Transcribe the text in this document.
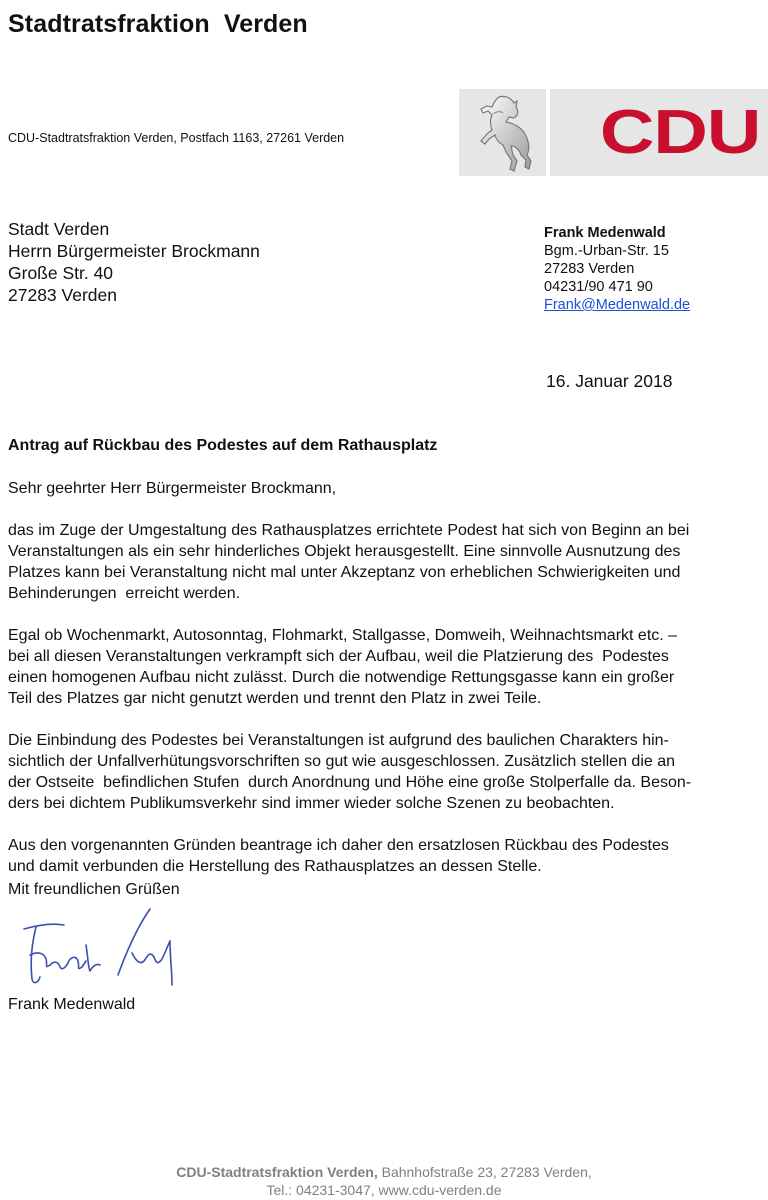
Stadtratsfraktion  Verden
CDU-Stadtratsfraktion Verden, Postfach 1163, 27261 Verden	CDU
Stadt Verden
Herrn Bürgermeister Brockmann
Große Str. 40
27283 Verden
Frank Medenwald
Bgm.-Urban-Str. 15
27283 Verden
04231/90 471 90
Frank@Medenwald.de
16. Januar 2018
Antrag auf Rückbau des Podestes auf dem Rathausplatz

Sehr geehrter Herr Bürgermeister Brockmann,

das im Zuge der Umgestaltung des Rathausplatzes errichtete Podest hat sich von Beginn an bei

Veranstaltungen als ein sehr hinderliches Objekt herausgestellt. Eine sinnvolle Ausnutzung des

Platzes kann bei Veranstaltung nicht mal unter Akzeptanz von erheblichen Schwierigkeiten und

Behinderungen  erreicht werden.

Egal ob Wochenmarkt, Autosonntag, Flohmarkt, Stallgasse, Domweih, Weihnachtsmarkt etc. –

bei all diesen Veranstaltungen verkrampft sich der Aufbau, weil die Platzierung des  Podestes

einen homogenen Aufbau nicht zulässt. Durch die notwendige Rettungsgasse kann ein großer

Teil des Platzes gar nicht genutzt werden und trennt den Platz in zwei Teile.

Die Einbindung des Podestes bei Veranstaltungen ist aufgrund des baulichen Charakters hin-

sichtlich der Unfallverhütungsvorschriften so gut wie ausgeschlossen. Zusätzlich stellen die an

der Ostseite  befindlichen Stufen  durch Anordnung und Höhe eine große Stolperfalle da. Beson-

ders bei dichtem Publikumsverkehr sind immer wieder solche Szenen zu beobachten.

Aus den vorgenannten Gründen beantrage ich daher den ersatzlosen Rückbau des Podestes

und damit verbunden die Herstellung des Rathausplatzes an dessen Stelle.

Mit freundlichen Grüßen
Frank Medenwald
CDU-Stadtratsfraktion Verden, Bahnhofstraße 23, 27283 Verden,
Tel.: 04231-3047, www.cdu-verden.de
